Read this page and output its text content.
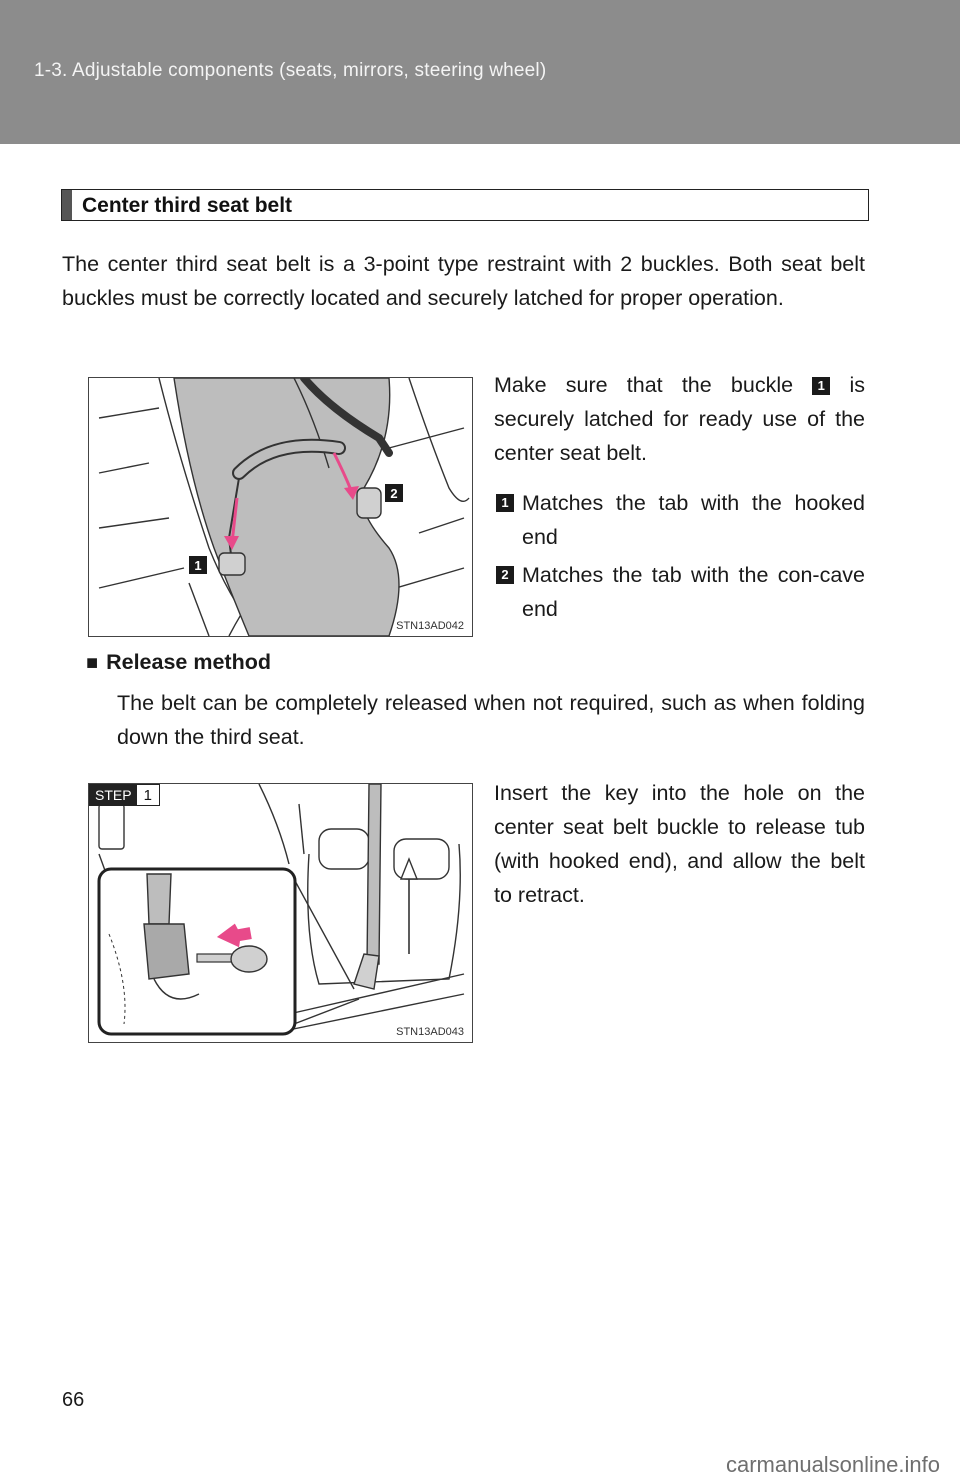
1-3. Adjustable components (seats, mirrors, steering wheel)
Center third seat belt

The center third seat belt is a 3-point type restraint with 2 buckles. Both seat belt buckles must be correctly located and securely latched for proper operation.

1
2
STN13AD042

Make sure that the buckle 1 is securely latched for ready use of the center seat belt.

1 Matches the tab with the hooked end
2 Matches the tab with the con-cave end
■ Release method

The belt can be completely released when not required, such as when folding down the third seat.

STEP 1
STN13AD043

Insert the key into the hole on the center seat belt buckle to release tub (with hooked end), and allow the belt to retract.

66
carmanualsonline.info
